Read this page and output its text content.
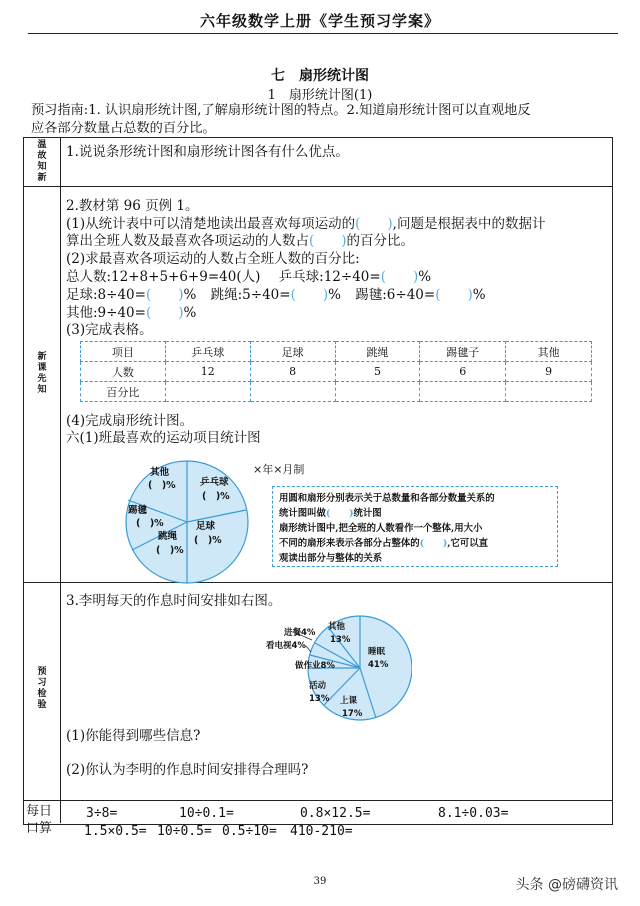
六年级数学上册《学生预习学案》
七　扇形统计图
1　扇形统计图(1)
预习指南:1. 认识扇形统计图,了解扇形统计图的特点。2.知道扇形统计图可以直观地反
应各部分数量占总数的百分比。
温
故
知
新
新
课
先
知
预
习
检
验
每日
口算
1.说说条形统计图和扇形统计图各有什么优点。
2.教材第 96 页例 1。
(1)从统计表中可以清楚地读出最喜欢每项运动的(　　),问题是根据表中的数据计
算出全班人数及最喜欢各项运动的人数占(　　)的百分比。
(2)求最喜欢各项运动的人数占全班人数的百分比:
总人数:12+8+5+6+9=40(人) 乒乓球:12÷40=(　　)%
足球:8÷40=(　　)% 跳绳:5÷40=(　　)% 踢毽:6÷40=(　　)%
其他:9÷40=(　　)%
(3)完成表格。
项目	乒乓球	足球	跳绳	踢毽子	其他
人数	12	8	5	6	9
百分比					
(4)完成扇形统计图。
六(1)班最喜欢的运动项目统计图
×年×月制
其他
(　)%	乒乓球
(　)%
足球
(　)%
跳绳
(　)%
踢毽
(　)%
用圆和扇形分别表示关于总数量和各部分数量关系的
统计图叫做(　　)统计图
扇形统计图中,把全班的人数看作一个整体,用大小
不同的扇形来表示各部分占整体的(　　),它可以直
观读出部分与整体的关系
3.李明每天的作息时间安排如右图。
进餐4%
看电视4%
其他
13%
睡眠
41%
做作业8%
活动
13% 上课
17%
(1)你能得到哪些信息?
(2)你认为李明的作息时间安排得合理吗?
3÷8=	10÷0.1=	0.8×12.5=	8.1÷0.03=
1.5×0.5= 10÷0.5= 0.5÷10= 410-210=
39	头条 @磅礴资讯
